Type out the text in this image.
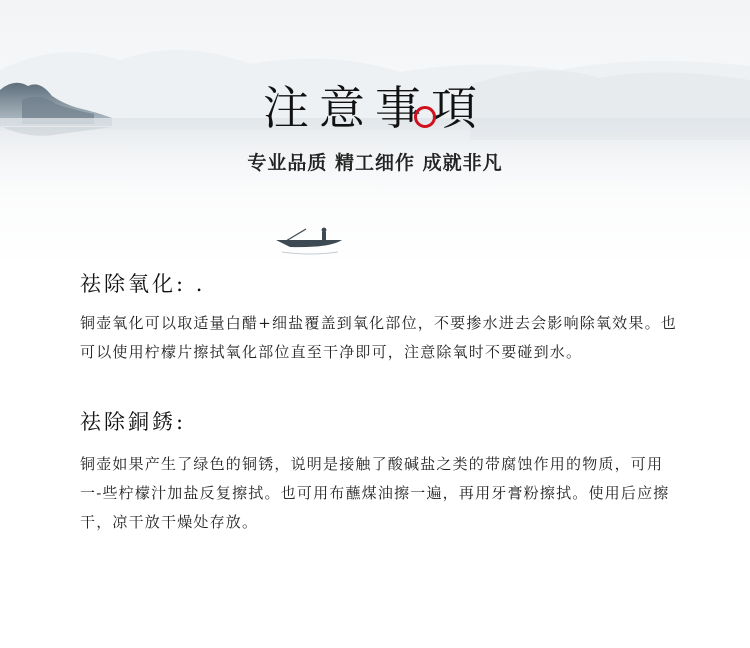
注意事項

专业品质 精工细作 成就非凡

祛除氧化: .

铜壶氧化可以取适量白醋+细盐覆盖到氧化部位，不要掺水进去会影响除氧效果。也可以使用柠檬片擦拭氧化部位直至干净即可，注意除氧时不要碰到水。

祛除銅銹:

铜壶如果产生了绿色的铜锈，说明是接触了酸碱盐之类的带腐蚀作用的物质，可用一-些柠檬汁加盐反复擦拭。也可用布蘸煤油擦一遍，再用牙膏粉擦拭。使用后应擦干，凉干放干燥处存放。
